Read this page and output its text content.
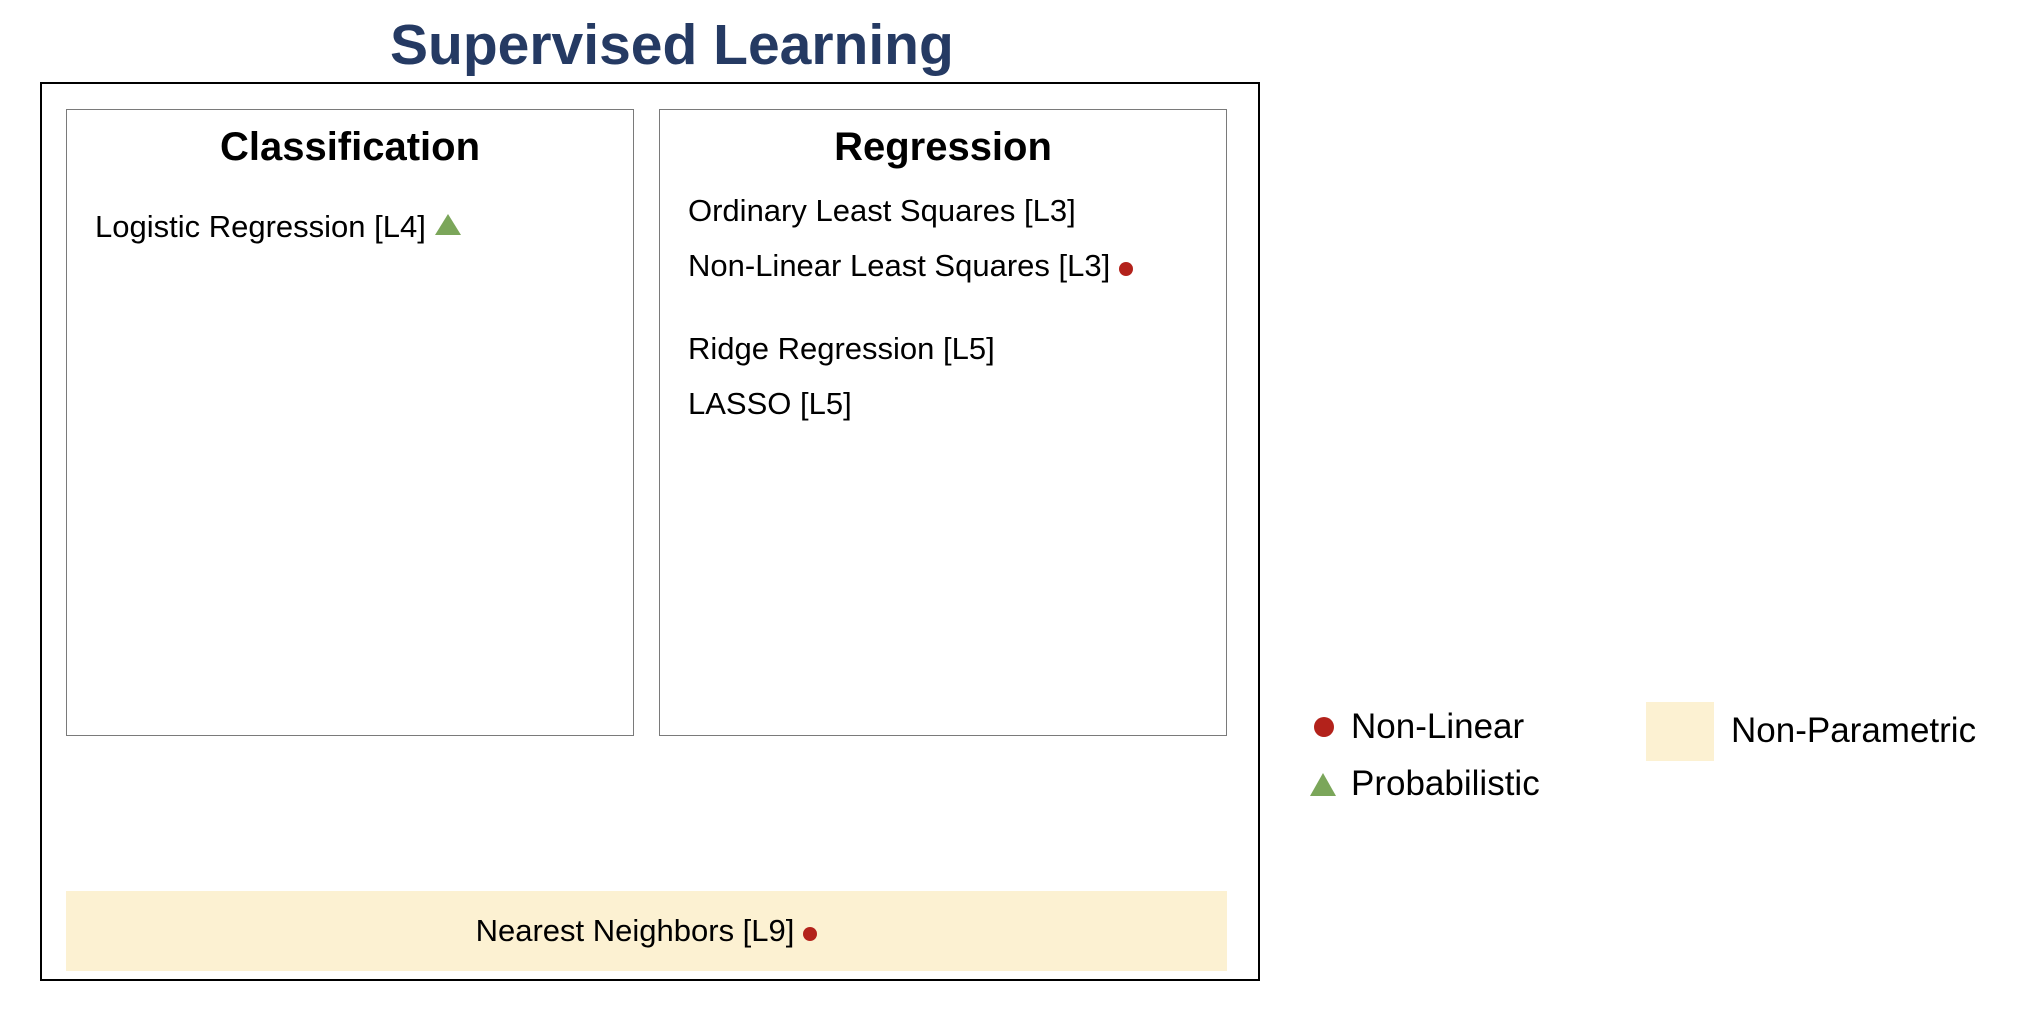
Supervised Learning
Classification
Logistic Regression [L4]
Regression
Ordinary Least Squares [L3]
Non-Linear Least Squares [L3]
Ridge Regression [L5]
LASSO [L5]
Nearest Neighbors [L9]
Non-Linear
Probabilistic
Non-Parametric
